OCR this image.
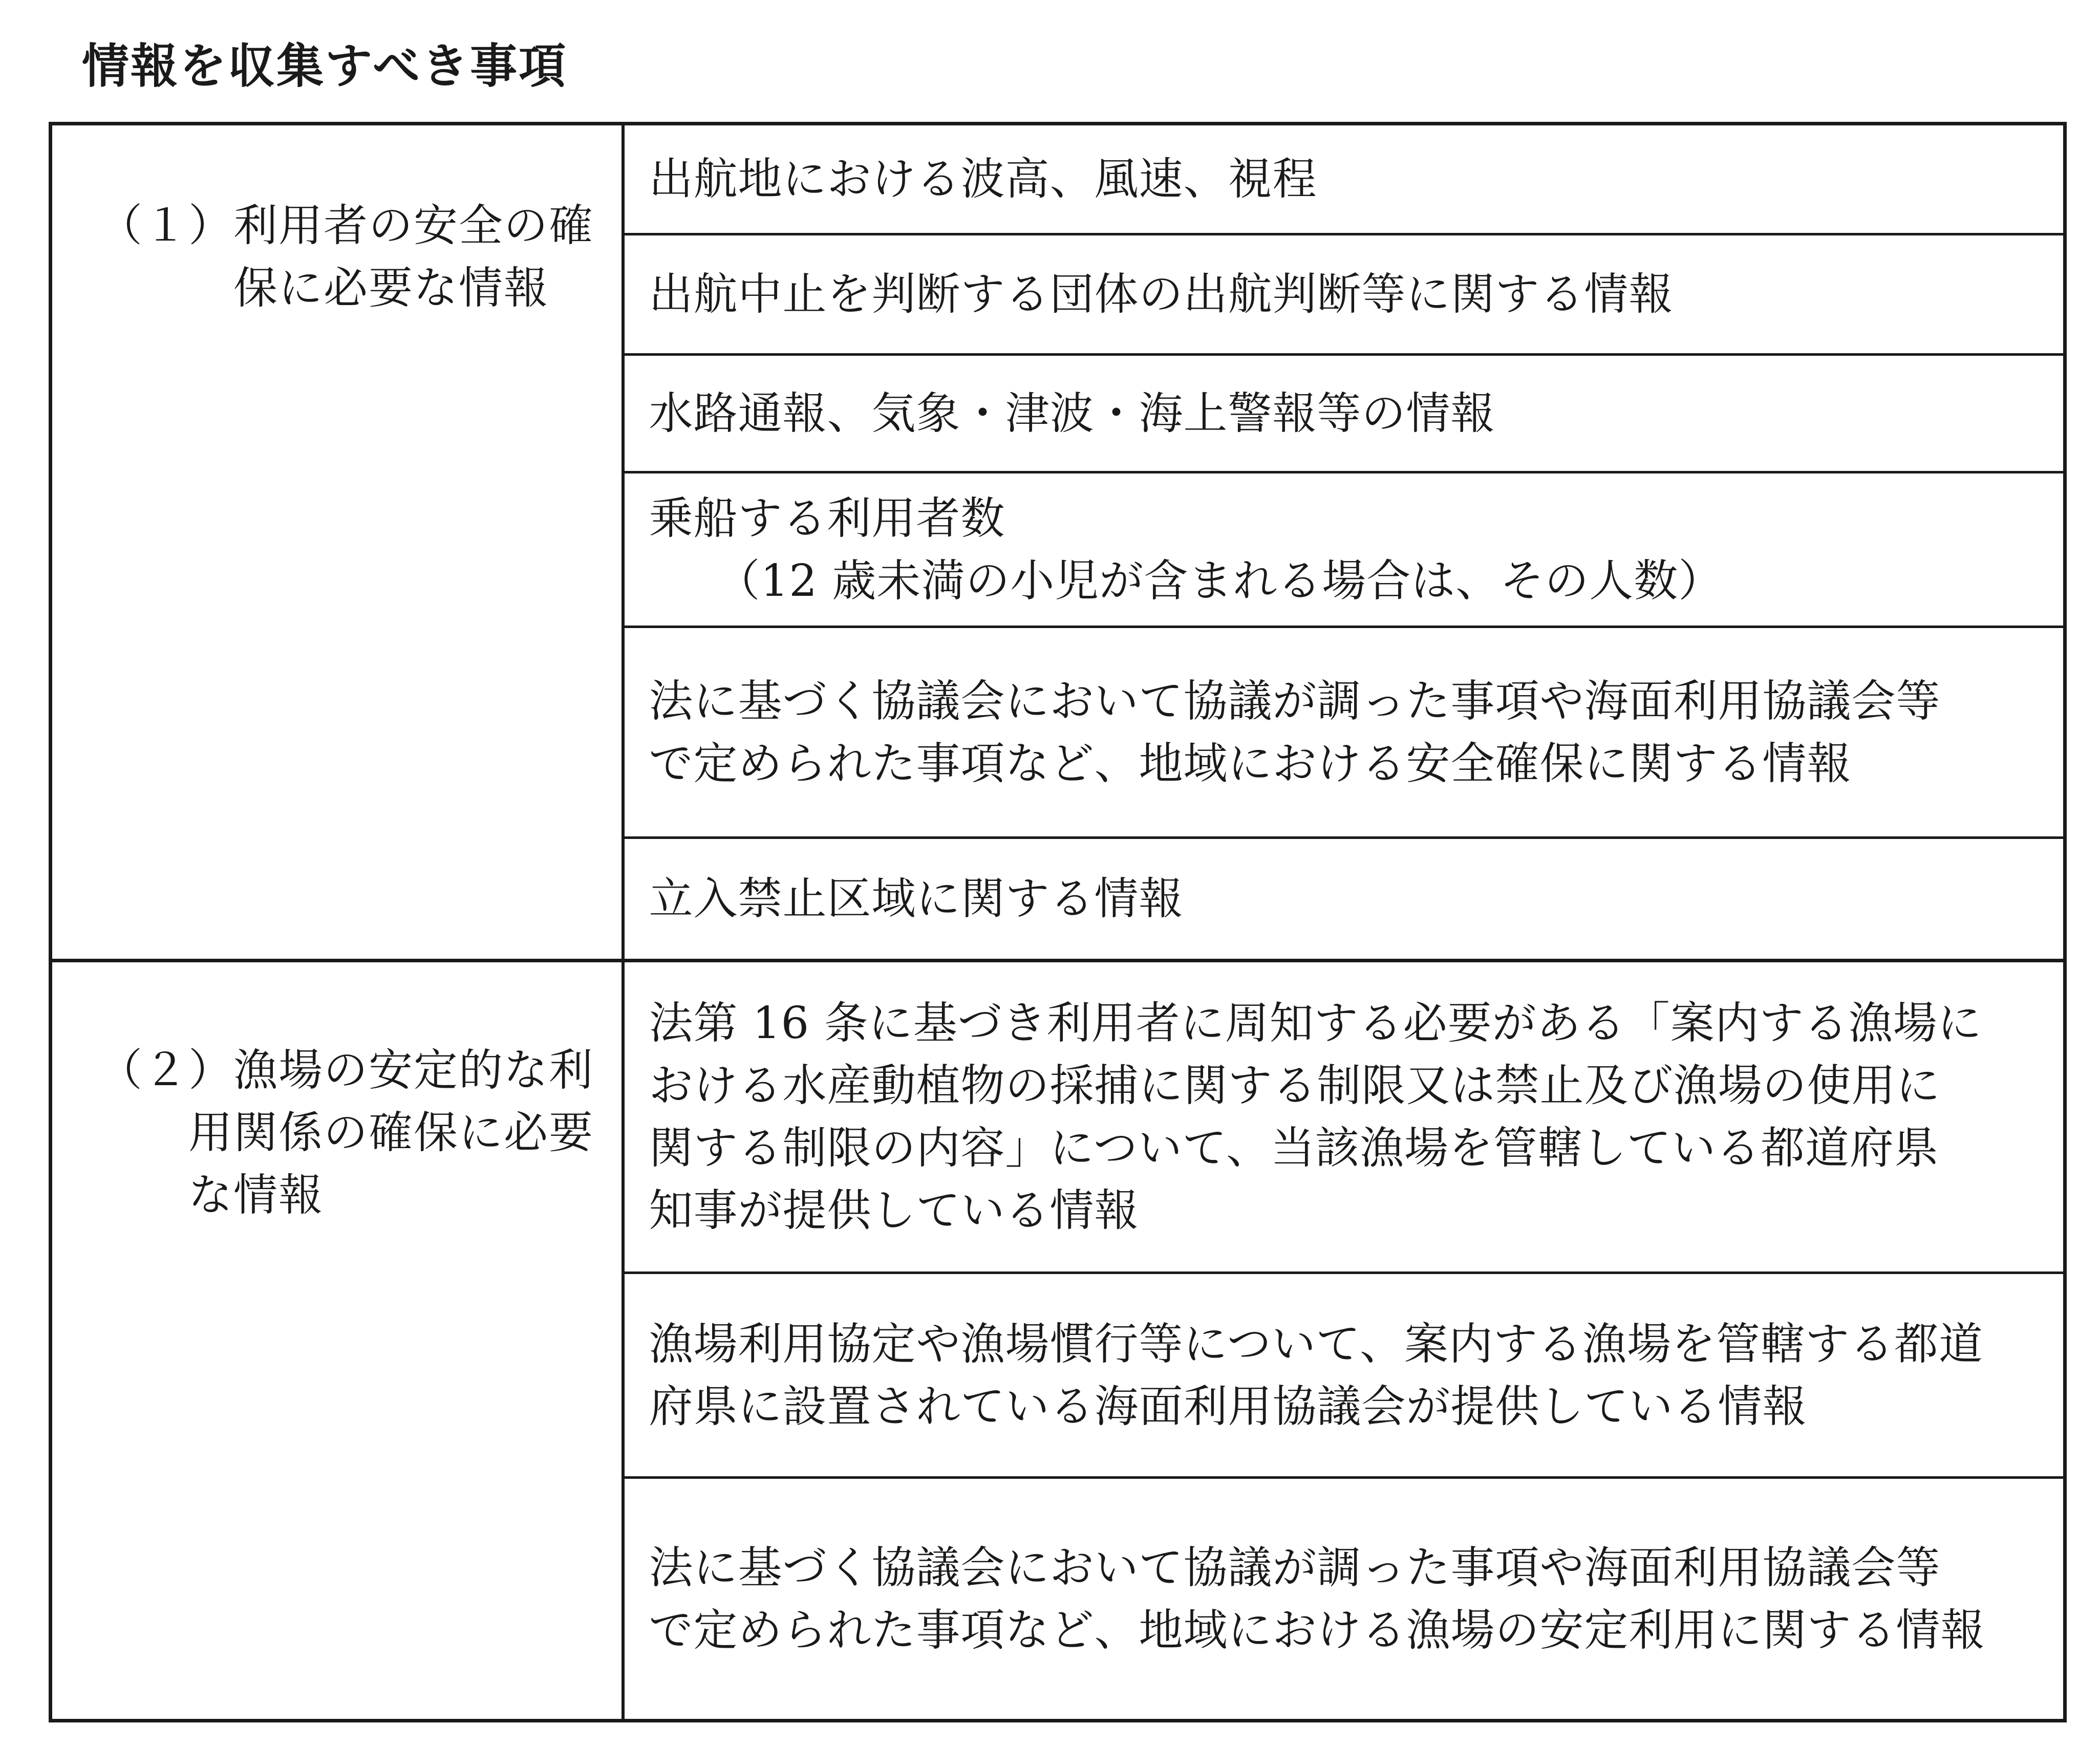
情報を収集すべき事項
（１）利用者の安全の確
　　　保に必要な情報	出航地における波高、風速、視程

	出航中止を判断する団体の出航判断等に関する情報

	水路通報、気象・津波・海上警報等の情報

	乗船する利用者数
　　（12 歳未満の小児が含まれる場合は、その人数）

	法に基づく協議会において協議が調った事項や海面利用協議会等
で定められた事項など、地域における安全確保に関する情報

	立入禁止区域に関する情報

（２）漁場の安定的な利
　　用関係の確保に必要
　　な情報	法第 16 条に基づき利用者に周知する必要がある「案内する漁場に
おける水産動植物の採捕に関する制限又は禁止及び漁場の使用に
関する制限の内容」について、当該漁場を管轄している都道府県
知事が提供している情報

	漁場利用協定や漁場慣行等について、案内する漁場を管轄する都道
府県に設置されている海面利用協議会が提供している情報

	法に基づく協議会において協議が調った事項や海面利用協議会等
で定められた事項など、地域における漁場の安定利用に関する情報
